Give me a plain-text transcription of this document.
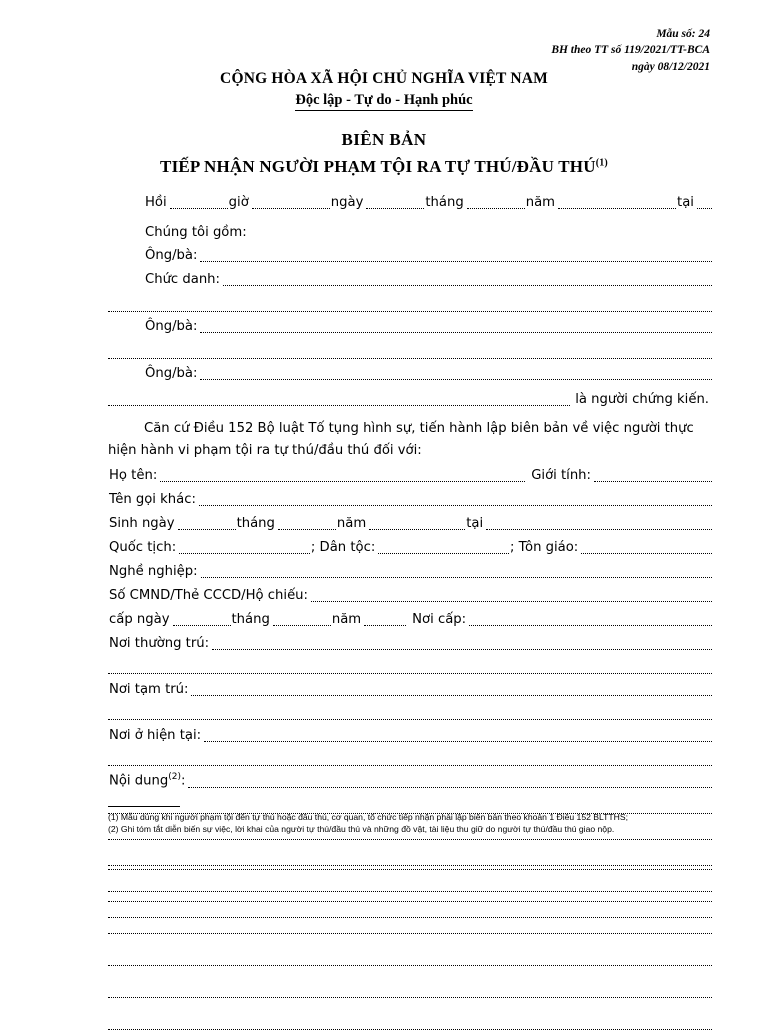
Mẫu số: 24
BH theo TT số 119/2021/TT-BCA
ngày 08/12/2021
CỘNG HÒA XÃ HỘI CHỦ NGHĨA VIỆT NAM
Độc lập - Tự do - Hạnh phúc
BIÊN BẢN
TIẾP NHẬN NGƯỜI PHẠM TỘI RA TỰ THÚ/ĐẦU THÚ$^{(1)}$
Hồi	giờ	ngày	tháng	năm	tại
Chúng tôi gồm:
Ông/bà:
Chức danh:
Ông/bà:
Ông/bà:
là người chứng kiến.
Căn cứ Điều 152 Bộ luật Tố tụng hình sự, tiến hành lập biên bản về việc người thực hiện hành vi phạm tội ra tự thú/đầu thú đối với:
Họ tên:	Giới tính:
Tên gọi khác:
Sinh ngày	tháng	năm	tại
Quốc tịch:	; Dân tộc:	; Tôn giáo:
Nghề nghiệp:
Số CMND/Thẻ CCCD/Hộ chiếu:
cấp ngày	tháng	năm	Nơi cấp:
Nơi thường trú:
Nơi tạm trú:
Nơi ở hiện tại:
Nội dung$^{(2)}$:
(1) Mẫu dùng khi người phạm tội đến tự thú hoặc đầu thú, cơ quan, tổ chức tiếp nhận phải lập biên bản theo khoản 1 Điều 152 BLTTHS;
(2) Ghi tóm tắt diễn biến sự việc, lời khai của người tự thú/đầu thú và những đồ vật, tài liệu thu giữ do người tự thú/đầu thú giao nộp.
